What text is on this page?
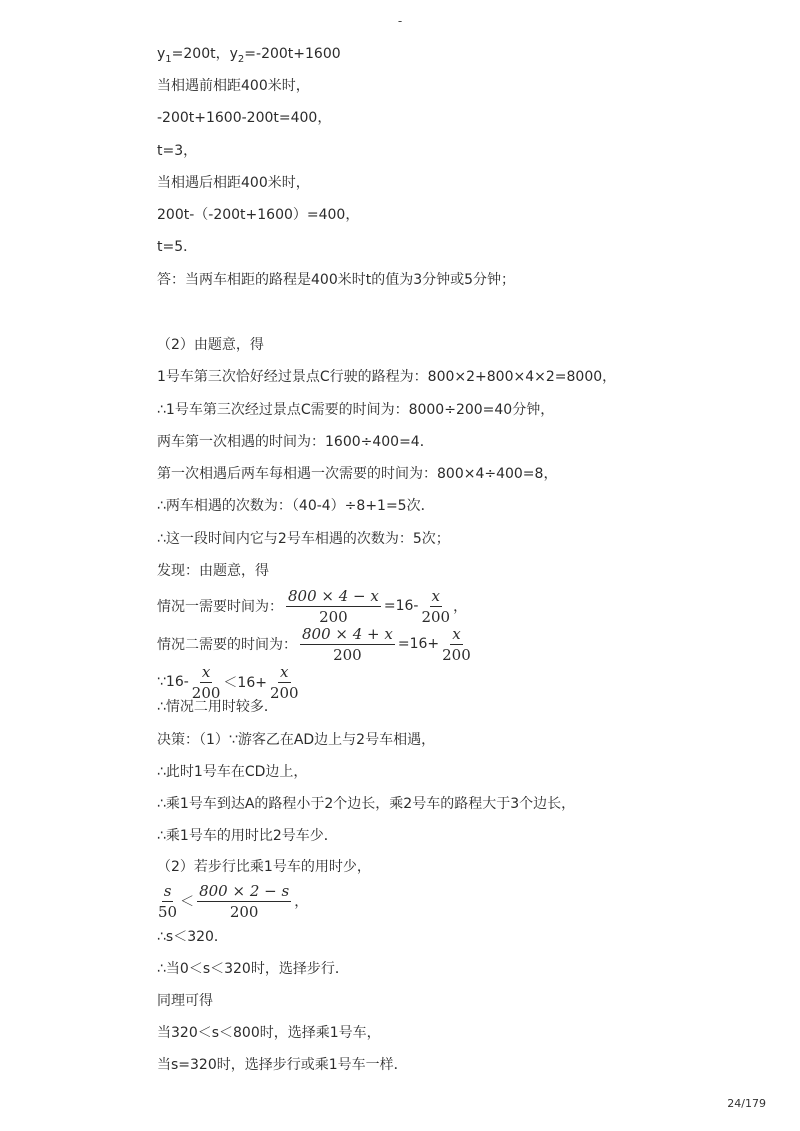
-
$y_1=200t$，$y_2=-200t+1600$
当相遇前相距400米时，
-200t+1600-200t=400，
t=3，
当相遇后相距400米时，
200t-（-200t+1600）=400，
t=5．
答：当两车相距的路程是400米时t的值为3分钟或5分钟；
（2）由题意，得
1号车第三次恰好经过景点C行驶的路程为：800×2+800×4×2=8000，
∴1号车第三次经过景点C需要的时间为：8000÷200=40分钟，
两车第一次相遇的时间为：1600÷400=4．
第一次相遇后两车每相遇一次需要的时间为：800×4÷400=8，
∴两车相遇的次数为：（40-4）÷8+1=5次．
∴这一段时间内它与2号车相遇的次数为：5次；
发现：由题意，得
情况一需要时间为： $\frac{800 \times 4 - x}{200} =16- \frac{x}{200}$ ，
情况二需要的时间为： $\frac{800 \times 4 + x}{200} =16+ \frac{x}{200}$
∵16- $\frac{x}{200} <16+ \frac{x}{200}$
∴情况二用时较多．
决策：（1）∵游客乙在AD边上与2号车相遇，
∴此时1号车在CD边上，
∴乘1号车到达A的路程小于2个边长，乘2号车的路程大于3个边长，
∴乘1号车的用时比2号车少．
（2）若步行比乘1号车的用时少，
$\frac{s}{50} < \frac{800 \times 2 - s}{200}$ ，
∴s＜320．
∴当0＜s＜320时，选择步行．
同理可得
当320＜s＜800时，选择乘1号车，
当s=320时，选择步行或乘1号车一样．
24/179
